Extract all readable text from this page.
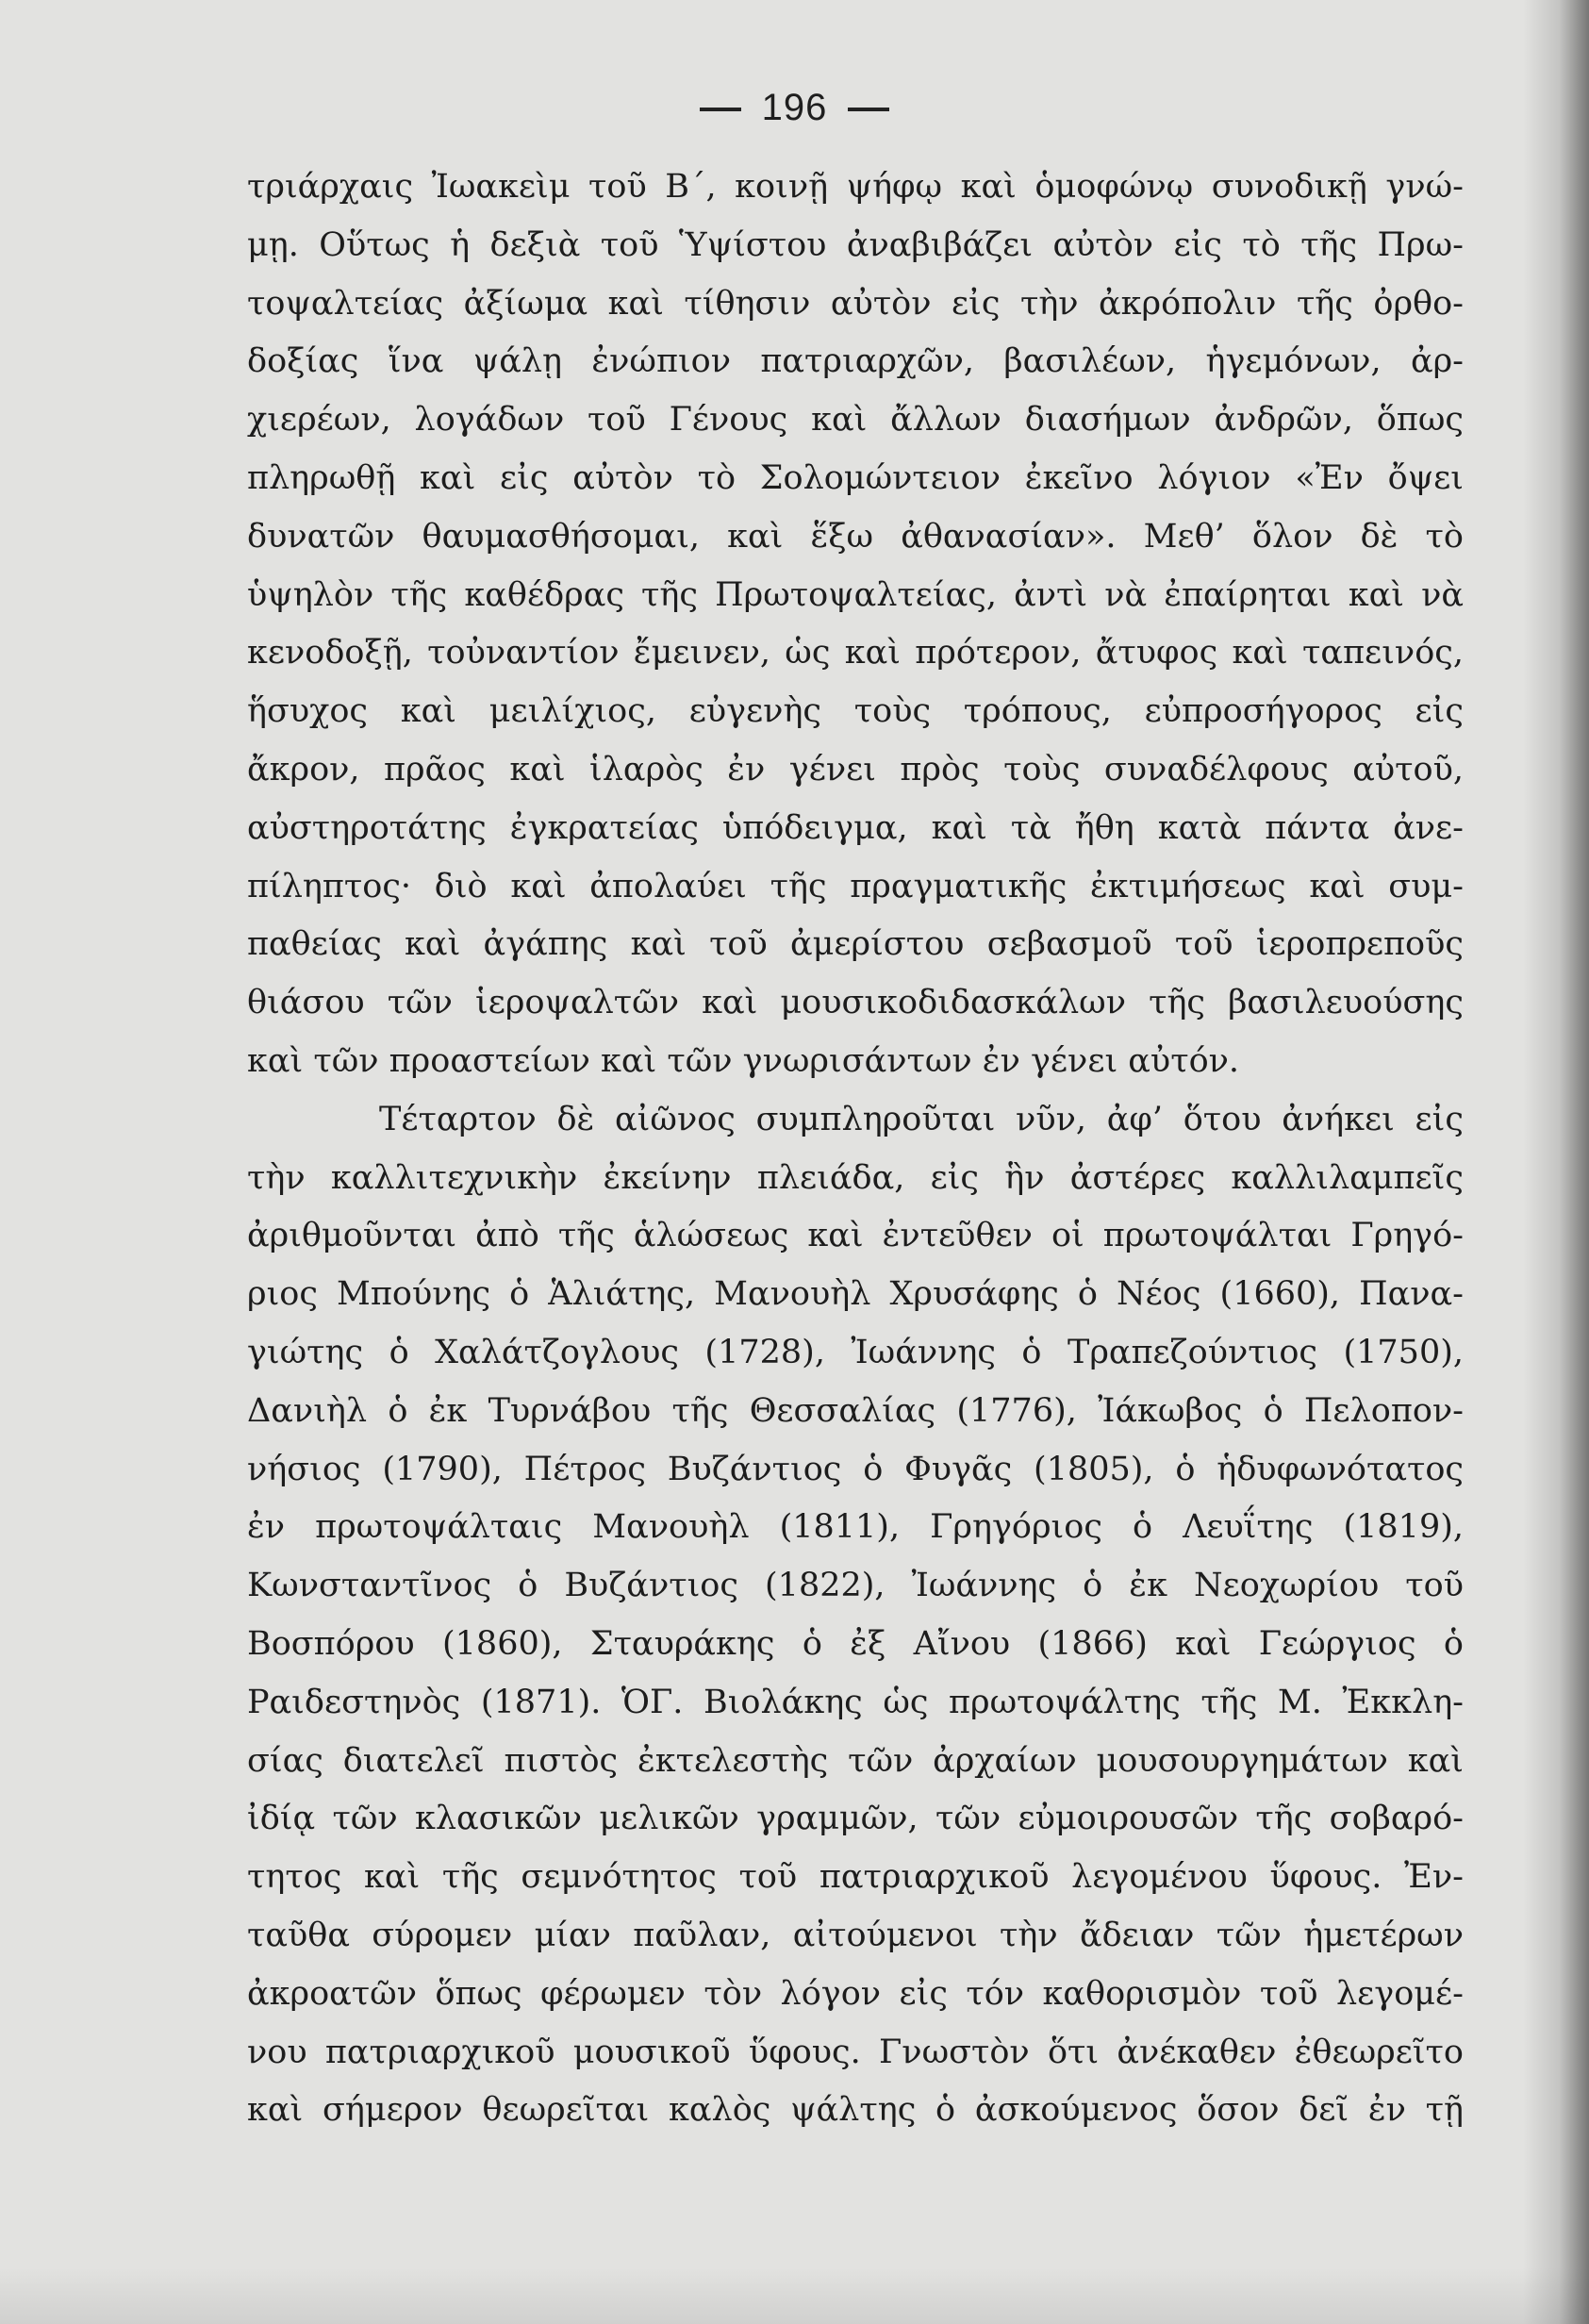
196
τριάρχαις Ἰωακεὶμ τοῦ Β΄, κοινῇ ψήφῳ καὶ ὁμοφώνῳ συνοδικῇ γνώ-
μῃ. Οὕτως ἡ δεξιὰ τοῦ Ὑψίστου ἀναβιβάζει αὐτὸν εἰς τὸ τῆς Πρω-
τοψαλτείας ἀξίωμα καὶ τίθησιν αὐτὸν εἰς τὴν ἀκρόπολιν τῆς ὀρθο-
δοξίας ἵνα ψάλῃ ἐνώπιον πατριαρχῶν, βασιλέων, ἡγεμόνων, ἀρ-
χιερέων, λογάδων τοῦ Γένους καὶ ἄλλων διασήμων ἀνδρῶν, ὅπως
πληρωθῇ καὶ εἰς αὐτὸν τὸ Σολομώντειον ἐκεῖνο λόγιον «Ἐν ὄψει
δυνατῶν θαυμασθήσομαι, καὶ ἕξω ἀθανασίαν». Μεθ’ ὅλον δὲ τὸ
ὑψηλὸν τῆς καθέδρας τῆς Πρωτοψαλτείας, ἀντὶ νὰ ἐπαίρηται καὶ νὰ
κενοδοξῇ, τοὐναντίον ἔμεινεν, ὡς καὶ πρότερον, ἄτυφος καὶ ταπεινός,
ἥσυχος καὶ μειλίχιος, εὐγενὴς τοὺς τρόπους, εὐπροσήγορος εἰς
ἄκρον, πρᾶος καὶ ἱλαρὸς ἐν γένει πρὸς τοὺς συναδέλφους αὐτοῦ,
αὐστηροτάτης ἐγκρατείας ὑπόδειγμα, καὶ τὰ ἤθη κατὰ πάντα ἀνε-
πίληπτος· διὸ καὶ ἀπολαύει τῆς πραγματικῆς ἐκτιμήσεως καὶ συμ-
παθείας καὶ ἀγάπης καὶ τοῦ ἀμερίστου σεβασμοῦ τοῦ ἱεροπρεποῦς
θιάσου τῶν ἱεροψαλτῶν καὶ μουσικοδιδασκάλων τῆς βασιλευούσης
καὶ τῶν προαστείων καὶ τῶν γνωρισάντων ἐν γένει αὐτόν.
Τέταρτον δὲ αἰῶνος συμπληροῦται νῦν, ἀφ’ ὅτου ἀνήκει εἰς
τὴν καλλιτεχνικὴν ἐκείνην πλειάδα, εἰς ἣν ἀστέρες καλλιλαμπεῖς
ἀριθμοῦνται ἀπὸ τῆς ἁλώσεως καὶ ἐντεῦθεν οἱ πρωτοψάλται Γρηγό-
ριος Μπούνης ὁ Ἁλιάτης, Μανουὴλ Χρυσάφης ὁ Νέος (1660), Πανα-
γιώτης ὁ Χαλάτζογλους (1728), Ἰωάννης ὁ Τραπεζούντιος (1750),
Δανιὴλ ὁ ἐκ Τυρνάβου τῆς Θεσσαλίας (1776), Ἰάκωβος ὁ Πελοπον-
νήσιος (1790), Πέτρος Βυζάντιος ὁ Φυγᾶς (1805), ὁ ἡδυφωνότατος
ἐν πρωτοψάλταις Μανουὴλ (1811), Γρηγόριος ὁ Λευΐτης (1819),
Κωνσταντῖνος ὁ Βυζάντιος (1822), Ἰωάννης ὁ ἐκ Νεοχωρίου τοῦ
Βοσπόρου (1860), Σταυράκης ὁ ἐξ Αἴνου (1866) καὶ Γεώργιος ὁ
Ραιδεστηνὸς (1871). ὉΓ. Βιολάκης ὡς πρωτοψάλτης τῆς Μ. Ἐκκλη-
σίας διατελεῖ πιστὸς ἐκτελεστὴς τῶν ἀρχαίων μουσουργημάτων καὶ
ἰδίᾳ τῶν κλασικῶν μελικῶν γραμμῶν, τῶν εὐμοιρουσῶν τῆς σοβαρό-
τητος καὶ τῆς σεμνότητος τοῦ πατριαρχικοῦ λεγομένου ὕφους. Ἐν-
ταῦθα σύρομεν μίαν παῦλαν, αἰτούμενοι τὴν ἄδειαν τῶν ἡμετέρων
ἀκροατῶν ὅπως φέρωμεν τὸν λόγον εἰς τόν καθορισμὸν τοῦ λεγομέ-
νου πατριαρχικοῦ μουσικοῦ ὕφους. Γνωστὸν ὅτι ἀνέκαθεν ἐθεωρεῖτο
καὶ σήμερον θεωρεῖται καλὸς ψάλτης ὁ ἀσκούμενος ὅσον δεῖ ἐν τῇ
